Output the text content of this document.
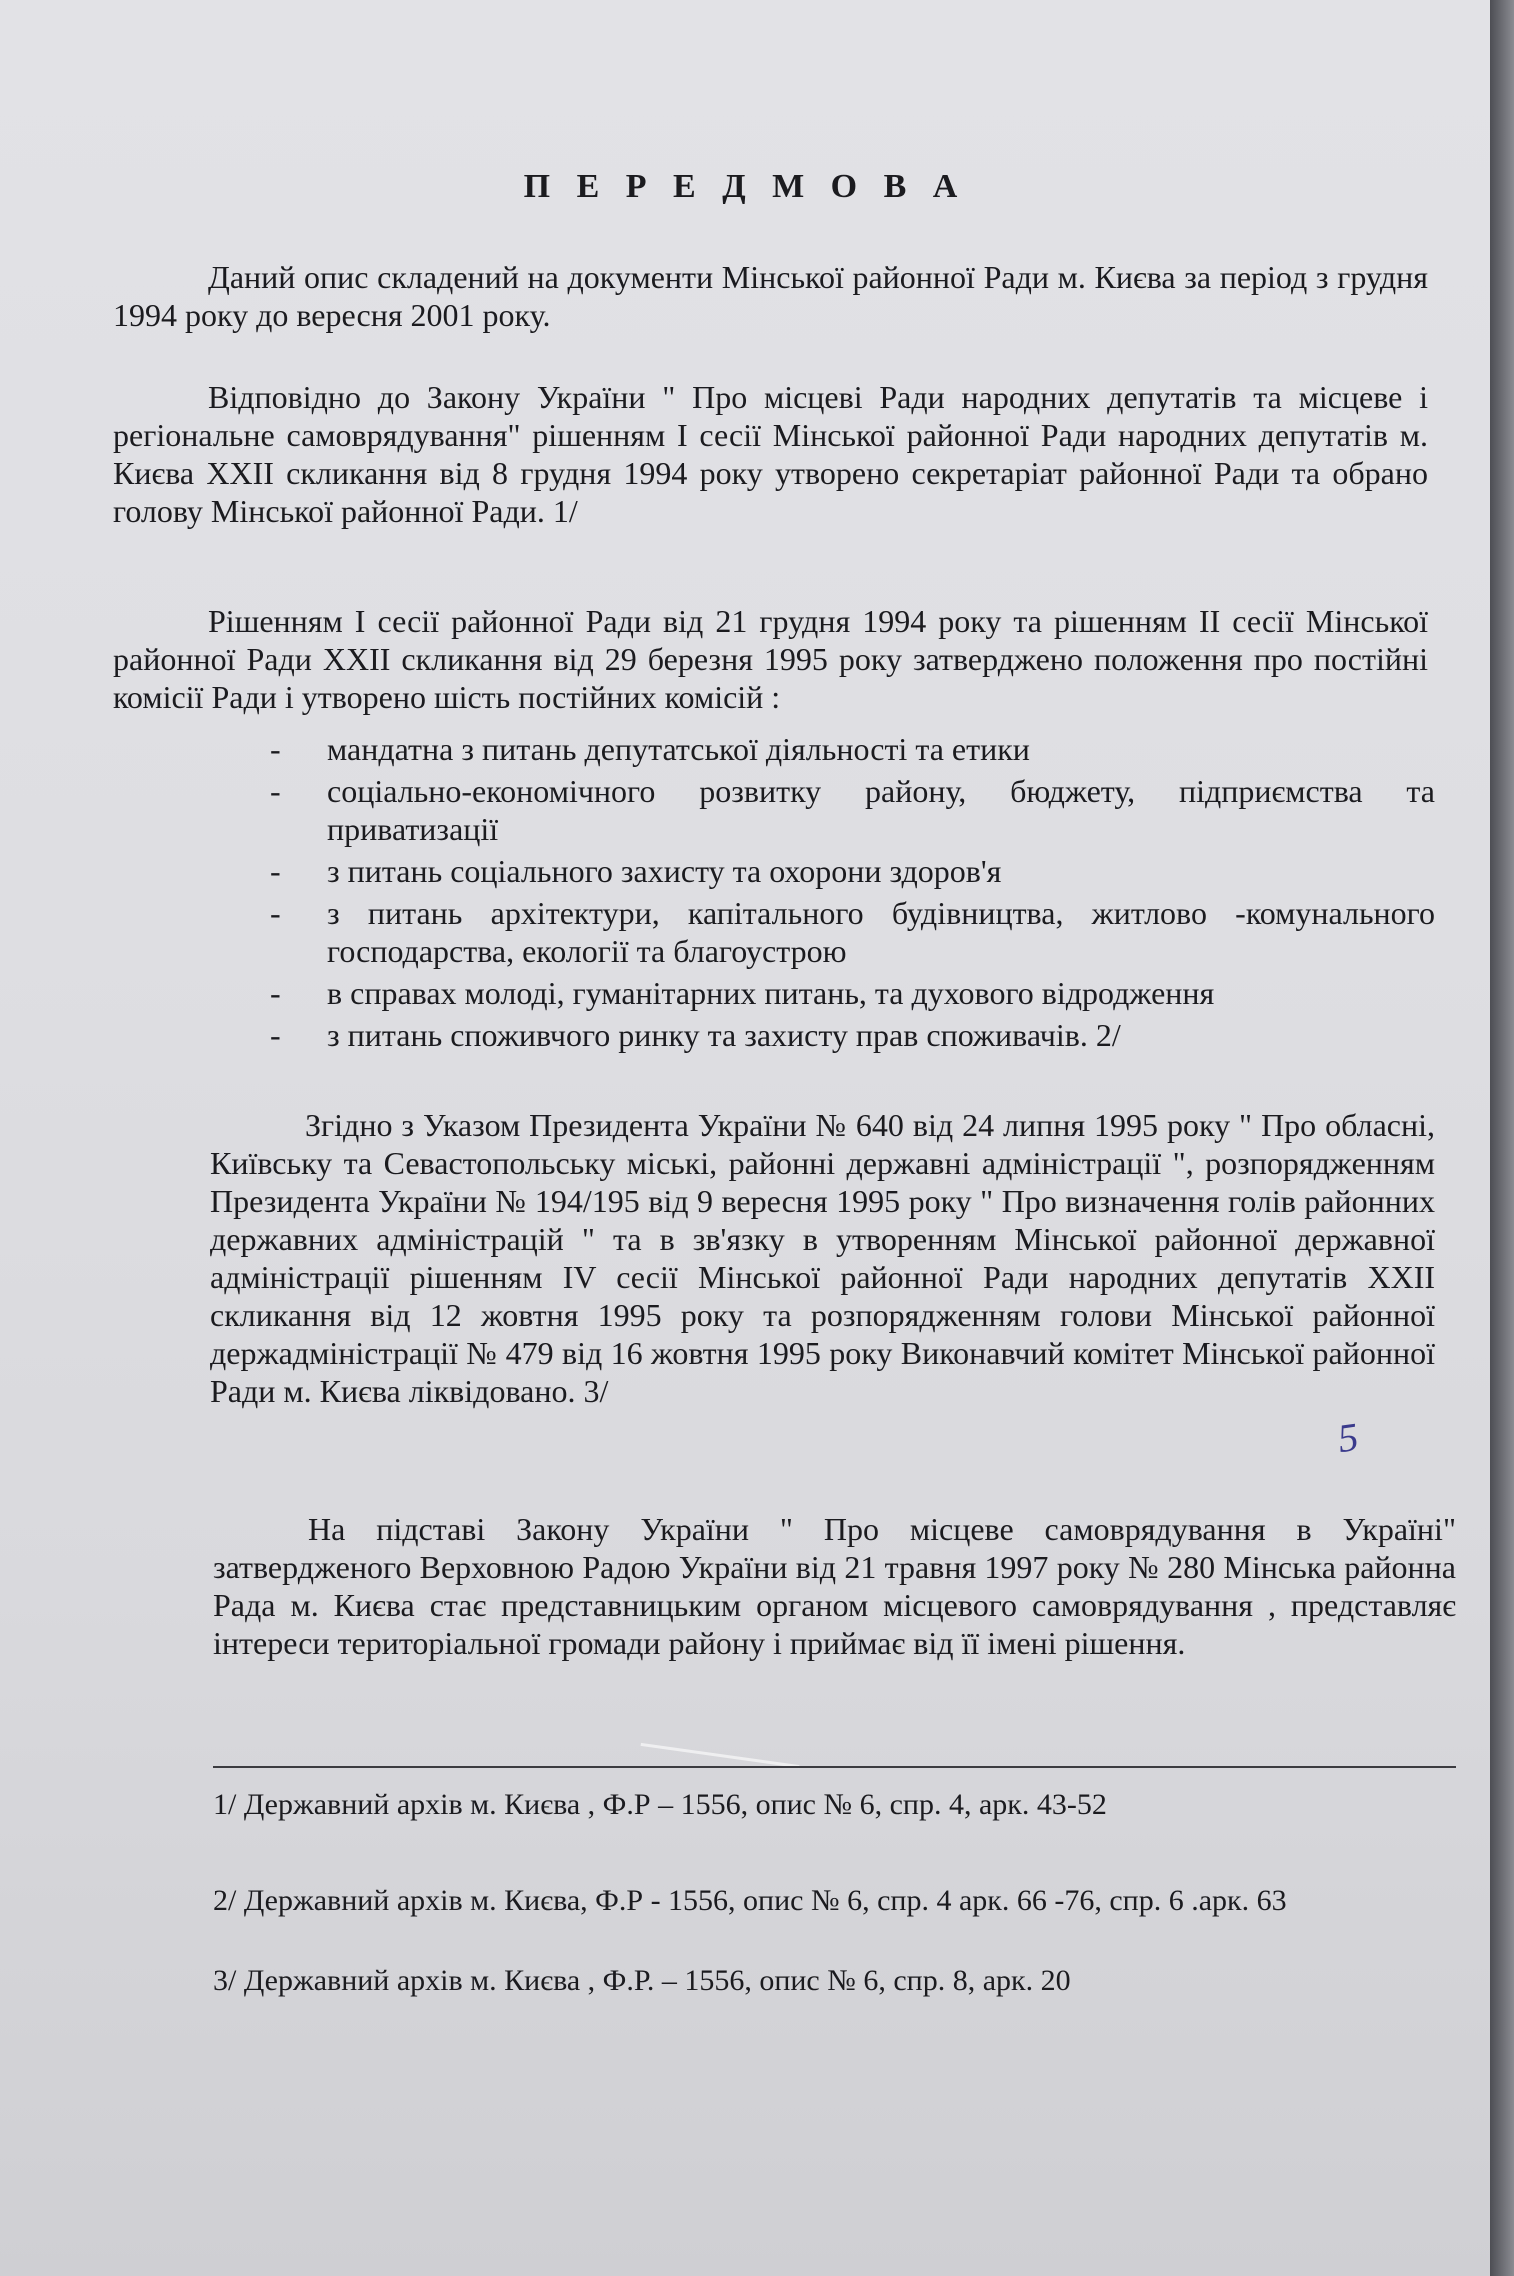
П Е Р Е Д М О В А

Даний опис складений на документи Мінської районної Ради м. Києва за період з грудня 1994 року до вересня 2001 року.

Відповідно до Закону України " Про місцеві Ради народних депутатів та місцеве і регіональне самоврядування" рішенням І сесії Мінської районної Ради народних депутатів м. Києва XXII скликання від 8 грудня 1994 року утворено секретаріат районної Ради та обрано голову Мінської районної Ради. 1/

Рішенням І сесії районної Ради від 21 грудня 1994 року та рішенням ІІ сесії Мінської районної Ради XXII скликання від 29 березня 1995 року затверджено положення про постійні комісії Ради і утворено шість постійних комісій :

- мандатна з питань депутатської діяльності та етики
- соціально-економічного розвитку району, бюджету, підприємства та приватизації
- з питань соціального захисту та охорони здоров'я
- з питань архітектури, капітального будівництва, житлово -комунального господарства, екології та благоустрою
- в справах молоді, гуманітарних питань, та духового відродження
- з питань споживчого ринку та захисту прав споживачів. 2/

Згідно з Указом Президента України № 640 від 24 липня 1995 року " Про обласні, Київську та Севастопольську міські, районні державні адміністрації ", розпорядженням Президента України № 194/195 від 9 вересня 1995 року " Про визначення голів районних державних адміністрацій " та в зв'язку в утворенням Мінської районної державної адміністрації рішенням IV сесії Мінської районної Ради народних депутатів XXII скликання від 12 жовтня 1995 року та розпорядженням голови Мінської районної держадміністрації № 479 від 16 жовтня 1995 року Виконавчий комітет Мінської районної Ради м. Києва ліквідовано. 3/

5

На підставі Закону України " Про місцеве самоврядування в Україні" затвердженого Верховною Радою України від 21 травня 1997 року № 280 Мінська районна Рада м. Києва стає представницьким органом місцевого самоврядування , представляє інтереси територіальної громади району і приймає від її імені рішення.

1/ Державний архів м. Києва , Ф.Р – 1556, опис № 6, спр. 4, арк. 43-52

2/ Державний архів м. Києва, Ф.Р - 1556, опис № 6, спр. 4 арк. 66 -76, спр. 6 .арк. 63

3/ Державний архів м. Києва , Ф.Р. – 1556, опис № 6, спр. 8, арк. 20
